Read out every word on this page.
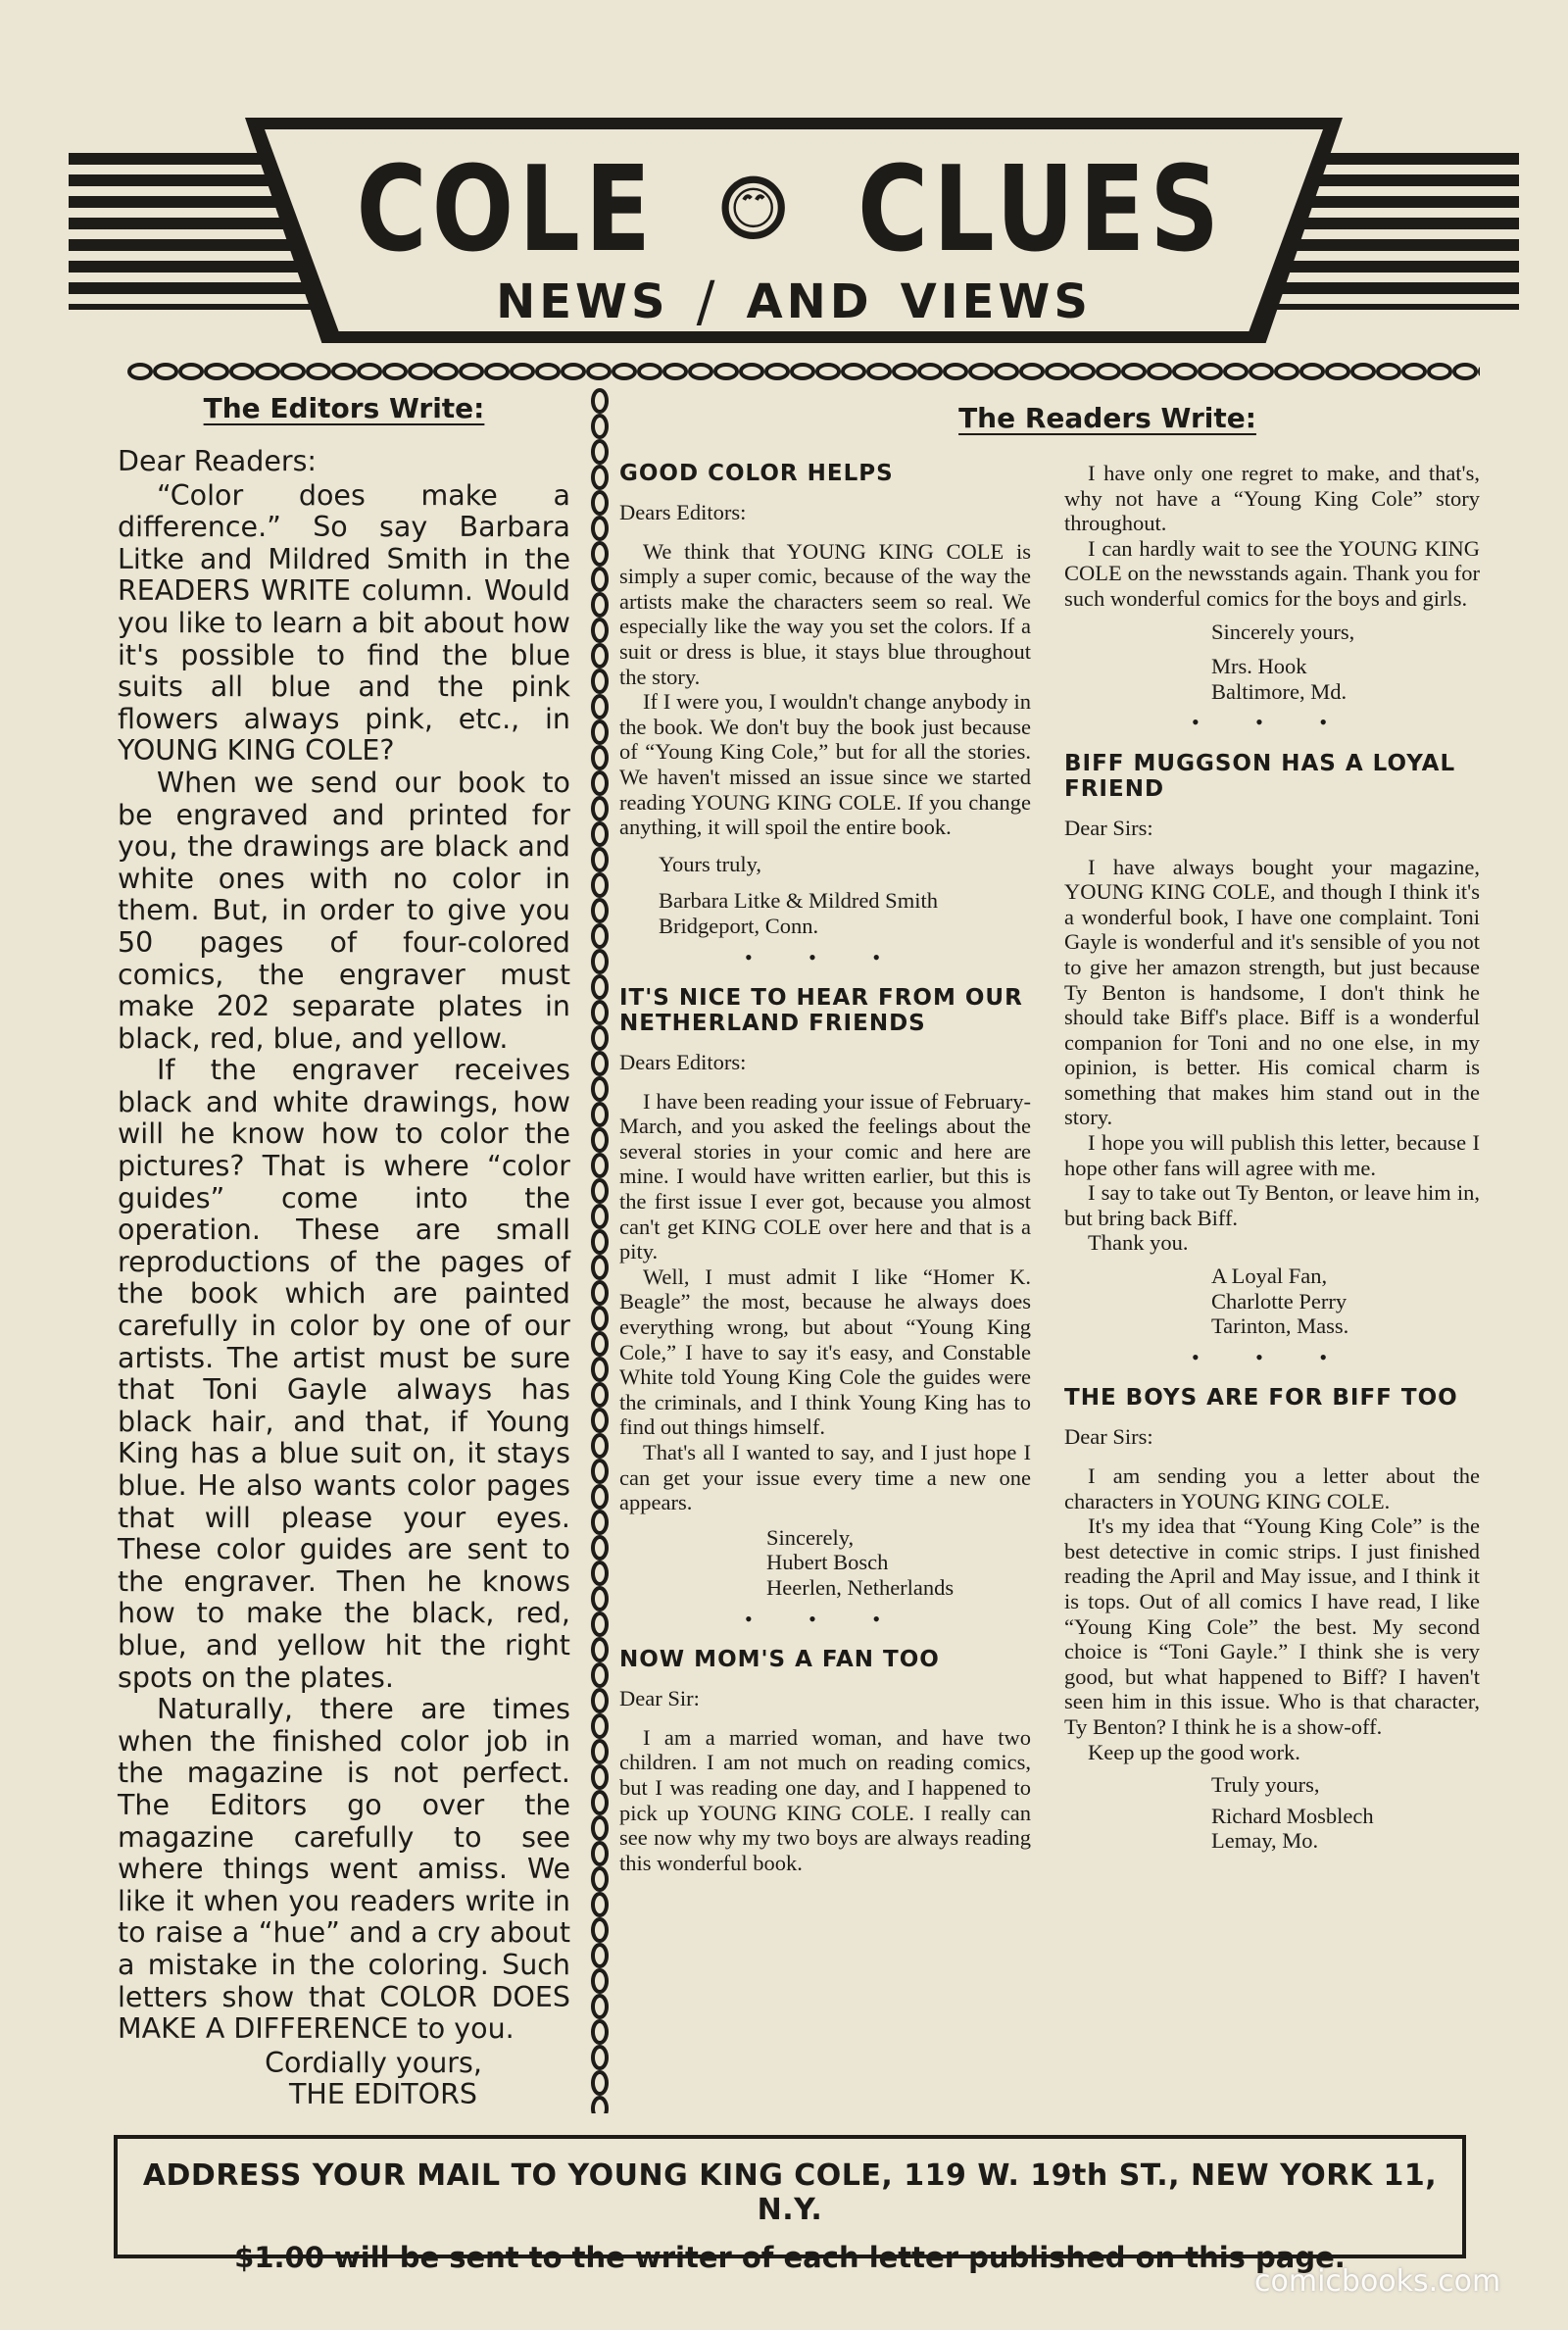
COLE CLUES
NEWS / AND VIEWS
The Editors Write:

Dear Readers:

“Color does make a difference.” So say Barbara Litke and Mildred Smith in the READERS WRITE column. Would you like to learn a bit about how it's possible to find the blue suits all blue and the pink flowers always pink, etc., in YOUNG KING COLE?

When we send our book to be engraved and printed for you, the drawings are black and white ones with no color in them. But, in order to give you 50 pages of four-colored comics, the engraver must make 202 separate plates in black, red, blue, and yellow.

If the engraver receives black and white drawings, how will he know how to color the pictures? That is where “color guides” come into the operation. These are small reproductions of the pages of the book which are painted carefully in color by one of our artists. The artist must be sure that Toni Gayle always has black hair, and that, if Young King has a blue suit on, it stays blue. He also wants color pages that will please your eyes. These color guides are sent to the engraver. Then he knows how to make the black, red, blue, and yellow hit the right spots on the plates.

Naturally, there are times when the finished color job in the magazine is not perfect. The Editors go over the magazine carefully to see where things went amiss. We like it when you readers write in to raise a “hue” and a cry about a mistake in the coloring. Such letters show that COLOR DOES MAKE A DIFFERENCE to you.

Cordially yours,

THE EDITORS

The Readers Write:
GOOD COLOR HELPS

Dears Editors:

We think that YOUNG KING COLE is simply a super comic, because of the way the artists make the characters seem so real. We especially like the way you set the colors. If a suit or dress is blue, it stays blue throughout the story.

If I were you, I wouldn't change anybody in the book. We don't buy the book just because of “Young King Cole,” but for all the stories. We haven't missed an issue since we started reading YOUNG KING COLE. If you change anything, it will spoil the entire book.

Yours truly,

Barbara Litke & Mildred Smith

Bridgeport, Conn.

• • •
IT'S NICE TO HEAR FROM OUR NETHERLAND FRIENDS

Dears Editors:

I have been reading your issue of February-March, and you asked the feelings about the several stories in your comic and here are mine. I would have written earlier, but this is the first issue I ever got, because you almost can't get KING COLE over here and that is a pity.

Well, I must admit I like “Homer K. Beagle” the most, because he always does everything wrong, but about “Young King Cole,” I have to say it's easy, and Constable White told Young King Cole the guides were the criminals, and I think Young King has to find out things himself.

That's all I wanted to say, and I just hope I can get your issue every time a new one appears.

Sincerely,

Hubert Bosch

Heerlen, Netherlands

• • •
NOW MOM'S A FAN TOO

Dear Sir:

I am a married woman, and have two children. I am not much on reading comics, but I was reading one day, and I happened to pick up YOUNG KING COLE. I really can see now why my two boys are always reading this wonderful book.

I have only one regret to make, and that's, why not have a “Young King Cole” story throughout.

I can hardly wait to see the YOUNG KING COLE on the newsstands again. Thank you for such wonderful comics for the boys and girls.

Sincerely yours,

Mrs. Hook

Baltimore, Md.

• • •
BIFF MUGGSON HAS A LOYAL FRIEND

Dear Sirs:

I have always bought your magazine, YOUNG KING COLE, and though I think it's a wonderful book, I have one complaint. Toni Gayle is wonderful and it's sensible of you not to give her amazon strength, but just because Ty Benton is handsome, I don't think he should take Biff's place. Biff is a wonderful companion for Toni and no one else, in my opinion, is better. His comical charm is something that makes him stand out in the story.

I hope you will publish this letter, because I hope other fans will agree with me.

I say to take out Ty Benton, or leave him in, but bring back Biff.

Thank you.

A Loyal Fan,

Charlotte Perry

Tarinton, Mass.

• • •
THE BOYS ARE FOR BIFF TOO

Dear Sirs:

I am sending you a letter about the characters in YOUNG KING COLE.

It's my idea that “Young King Cole” is the best detective in comic strips. I just finished reading the April and May issue, and I think it is tops. Out of all comics I have read, I like “Young King Cole” the best. My second choice is “Toni Gayle.” I think she is very good, but what happened to Biff? I haven't seen him in this issue. Who is that character, Ty Benton? I think he is a show-off.

Keep up the good work.

Truly yours,

Richard Mosblech

Lemay, Mo.

ADDRESS YOUR MAIL TO YOUNG KING COLE, 119 W. 19th ST., NEW YORK 11, N.Y.
$1.00 will be sent to the writer of each letter published on this page.
comicbooks.com
